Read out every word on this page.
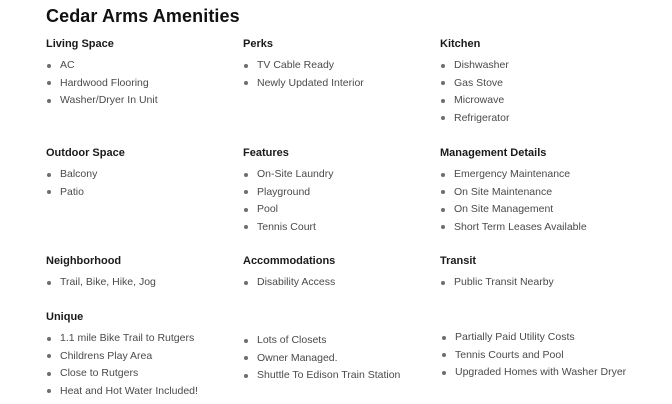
Cedar Arms Amenities
Living Space
AC
Hardwood Flooring
Washer/Dryer In Unit
Perks
TV Cable Ready
Newly Updated Interior
Kitchen
Dishwasher
Gas Stove
Microwave
Refrigerator
Outdoor Space
Balcony
Patio
Features
On-Site Laundry
Playground
Pool
Tennis Court
Management Details
Emergency Maintenance
On Site Maintenance
On Site Management
Short Term Leases Available
Neighborhood
Trail, Bike, Hike, Jog
Accommodations
Disability Access
Transit
Public Transit Nearby
Unique
1.1 mile Bike Trail to Rutgers
Childrens Play Area
Close to Rutgers
Heat and Hot Water Included!
Lots of Closets
Owner Managed.
Shuttle To Edison Train Station
Partially Paid Utility Costs
Tennis Courts and Pool
Upgraded Homes with Washer Dryer
